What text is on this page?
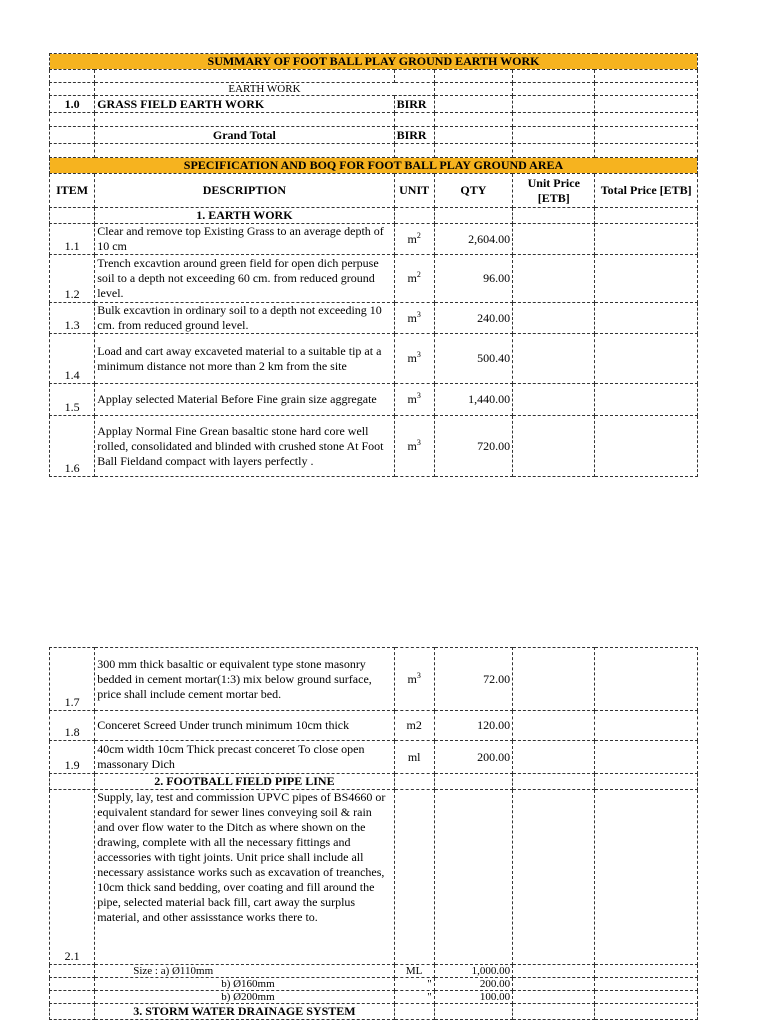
SUMMARY OF FOOT BALL PLAY GROUND EARTH WORK					

	EARTH WORK				
1.0	GRASS FIELD EARTH WORK	BIRR			

	Grand Total	BIRR			

SPECIFICATION AND BOQ FOR FOOT BALL PLAY GROUND AREA					
ITEM	DESCRIPTION	UNIT	QTY	Unit Price [ETB]	Total Price [ETB]
	1. EARTH WORK				
1.1	Clear and remove top Existing Grass to an average depth of 10 cm	$m^2$	2,604.00		
1.2	Trench excavtion around green field for open dich perpuse soil to a depth not exceeding 60 cm. from reduced ground level.	$m^2$	96.00		
1.3	Bulk excavtion in ordinary soil to a depth not exceeding 10 cm. from reduced ground level.	$m^3$	240.00		
1.4	Load and cart away excaveted material to a suitable tip at a minimum distance not more than 2 km from the site	$m^3$	500.40		
1.5	Applay selected Material Before Fine grain size aggregate	$m^3$	1,440.00		
1.6	Applay Normal Fine Grean basaltic stone hard core well rolled, consolidated and blinded with crushed stone At Foot Ball Fieldand compact with layers perfectly .	$m^3$	720.00		
1.7	300 mm thick basaltic or equivalent type stone masonry bedded in cement mortar(1:3) mix below ground surface, price shall include cement mortar bed.	$m^3$	72.00		
1.8	Conceret Screed Under trunch minimum 10cm thick	m2	120.00		
1.9	40cm width 10cm Thick precast conceret To close open massonary Dich	ml	200.00		
	2. FOOTBALL FIELD PIPE LINE				
2.1	Supply, lay, test and commission UPVC pipes of BS4660 or equivalent standard for sewer lines conveying soil & rain and over flow water to the Ditch as where shown on the drawing, complete with all the necessary fittings and accessories with tight joints. Unit price shall include all necessary assistance works such as excavation of treanches, 10cm thick sand bedding, over coating and fill around the pipe, selected material back fill, cart away the surplus material, and other assisstance works there to.				
	Size : a) Ø110mm	ML	1,000.00		
	b) Ø160mm	"	200.00		
	b) Ø200mm	"	100.00		
	3. STORM WATER DRAINAGE SYSTEM				
